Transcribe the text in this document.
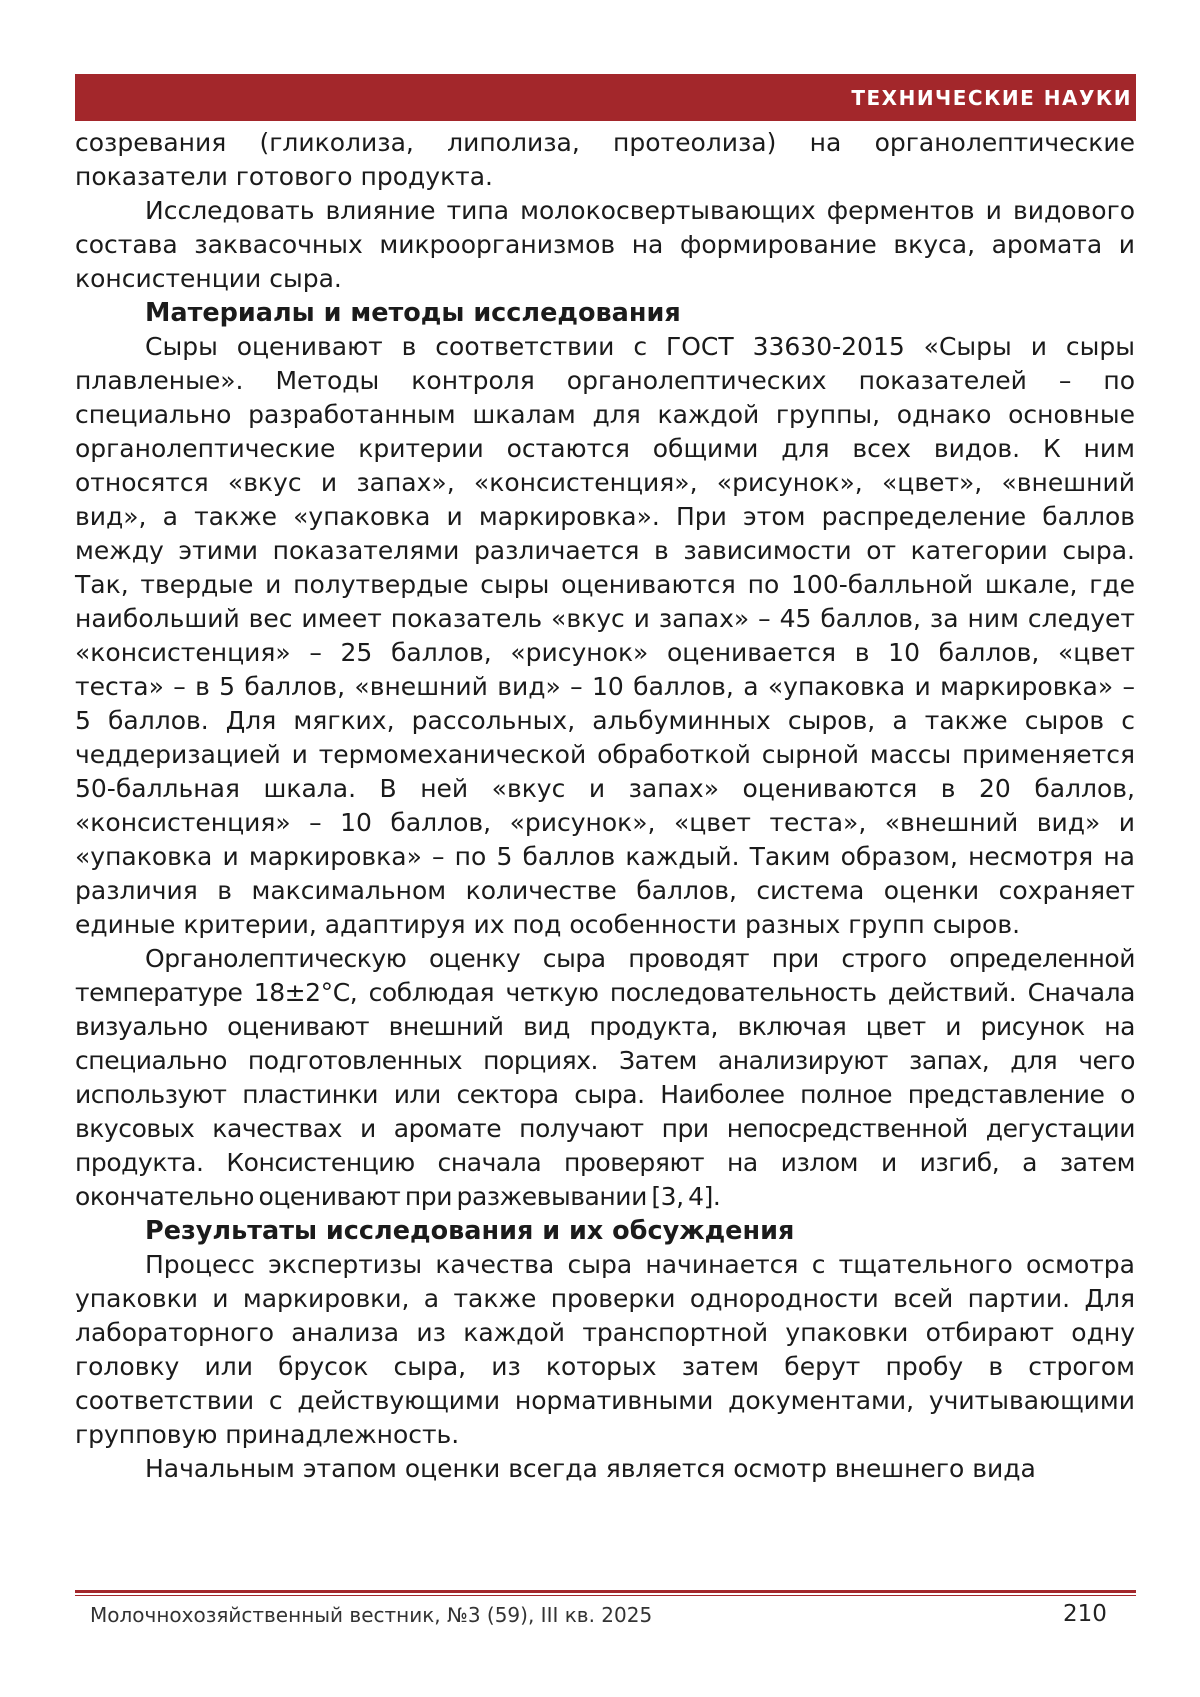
ТЕХНИЧЕСКИЕ НАУКИ

созревания (гликолиза, липолиза, протеолиза) на органолептические показатели готового продукта.

Исследовать влияние типа молокосвертывающих ферментов и видового состава заквасочных микроорганизмов на формирование вкуса, аромата и консистенции сыра.

Материалы и методы исследования

Сыры оценивают в соответствии с ГОСТ 33630-2015 «Сыры и сыры плавленые». Методы контроля органолептических показателей – по специально разработанным шкалам для каждой группы, однако основные органолептические критерии остаются общими для всех видов. К ним относятся «вкус и запах», «консистенция», «рисунок», «цвет», «внешний вид», а также «упаковка и маркировка». При этом распределение баллов между этими показателями различается в зависимости от категории сыра. Так, твердые и полутвердые сыры оцениваются по 100-балльной шкале, где наибольший вес имеет показатель «вкус и запах» – 45 баллов, за ним следует «консистен­ция» – 25 баллов, «рисунок» оценивается в 10 баллов, «цвет теста» – в 5 баллов, «внешний вид» – 10 баллов, а «упаковка и маркиров­ка» – 5 баллов. Для мягких, рассольных, альбуминных сыров, а также сыров с чеддеризацией и термомеханической обработкой сырной массы применяется 50-балльная шкала. В ней «вкус и запах» оцениваются в 20 баллов, «консистенция» – 10 баллов, «рисунок», «цвет теста», «внешний вид» и «упаковка и маркировка» – по 5 баллов каждый. Таким образом, несмотря на различия в максимальном количестве баллов, система оценки сохраняет единые критерии, адаптируя их под особенности разных групп сыров.

Органолептическую оценку сыра проводят при строго определенной температуре 18±2°С, соблюдая четкую последовательность действий. Сначала визуально оценивают внешний вид продукта, включая цвет и рисунок на специально подготовленных порциях. Затем анализируют запах, для чего используют пластинки или сектора сыра. Наиболее полное представление о вкусовых качествах и аромате получают при непосредственной дегустации продукта. Консистенцию сначала проверяют на излом и изгиб, а затем окончательно оценивают при разжевывании [3, 4].

Результаты исследования и их обсуждения

Процесс экспертизы качества сыра начинается с тщательного осмотра упаковки и маркировки, а также проверки однородности всей партии. Для лабораторного анализа из каждой транспортной упаковки отбирают одну головку или брусок сыра, из которых затем берут пробу в строгом соответствии с действующими нормативными документами, учитывающими групповую принадлежность.

Начальным этапом оценки всегда является осмотр внешнего вида

Молочнохозяйственный вестник, №3 (59), III кв. 2025	210
